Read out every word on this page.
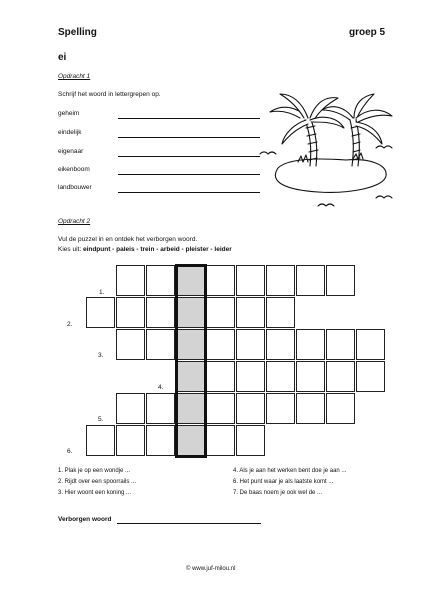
Spelling	groep 5
ei
Opdracht 1
Schrijf het woord in lettergrepen op.
geheim
eindelijk
eigenaar
eikenboom
landbouwer
Opdracht 2
Vul de puzzel in en ontdek het verborgen woord.
Kies uit: eindpunt - paleis - trein - arbeid - pleister - leider
1.
2.
3.
4.
5.
6.
1. Plak je op een wondje ...
2. Rijdt over een spoorrails ...
3. Hier woont een koning ...
4. Als je aan het werken bent doe je aan ...
6. Het punt waar je als laatste komt ...
7. De baas noem je ook wel de ...
Verborgen woord
© www.juf-milou.nl
